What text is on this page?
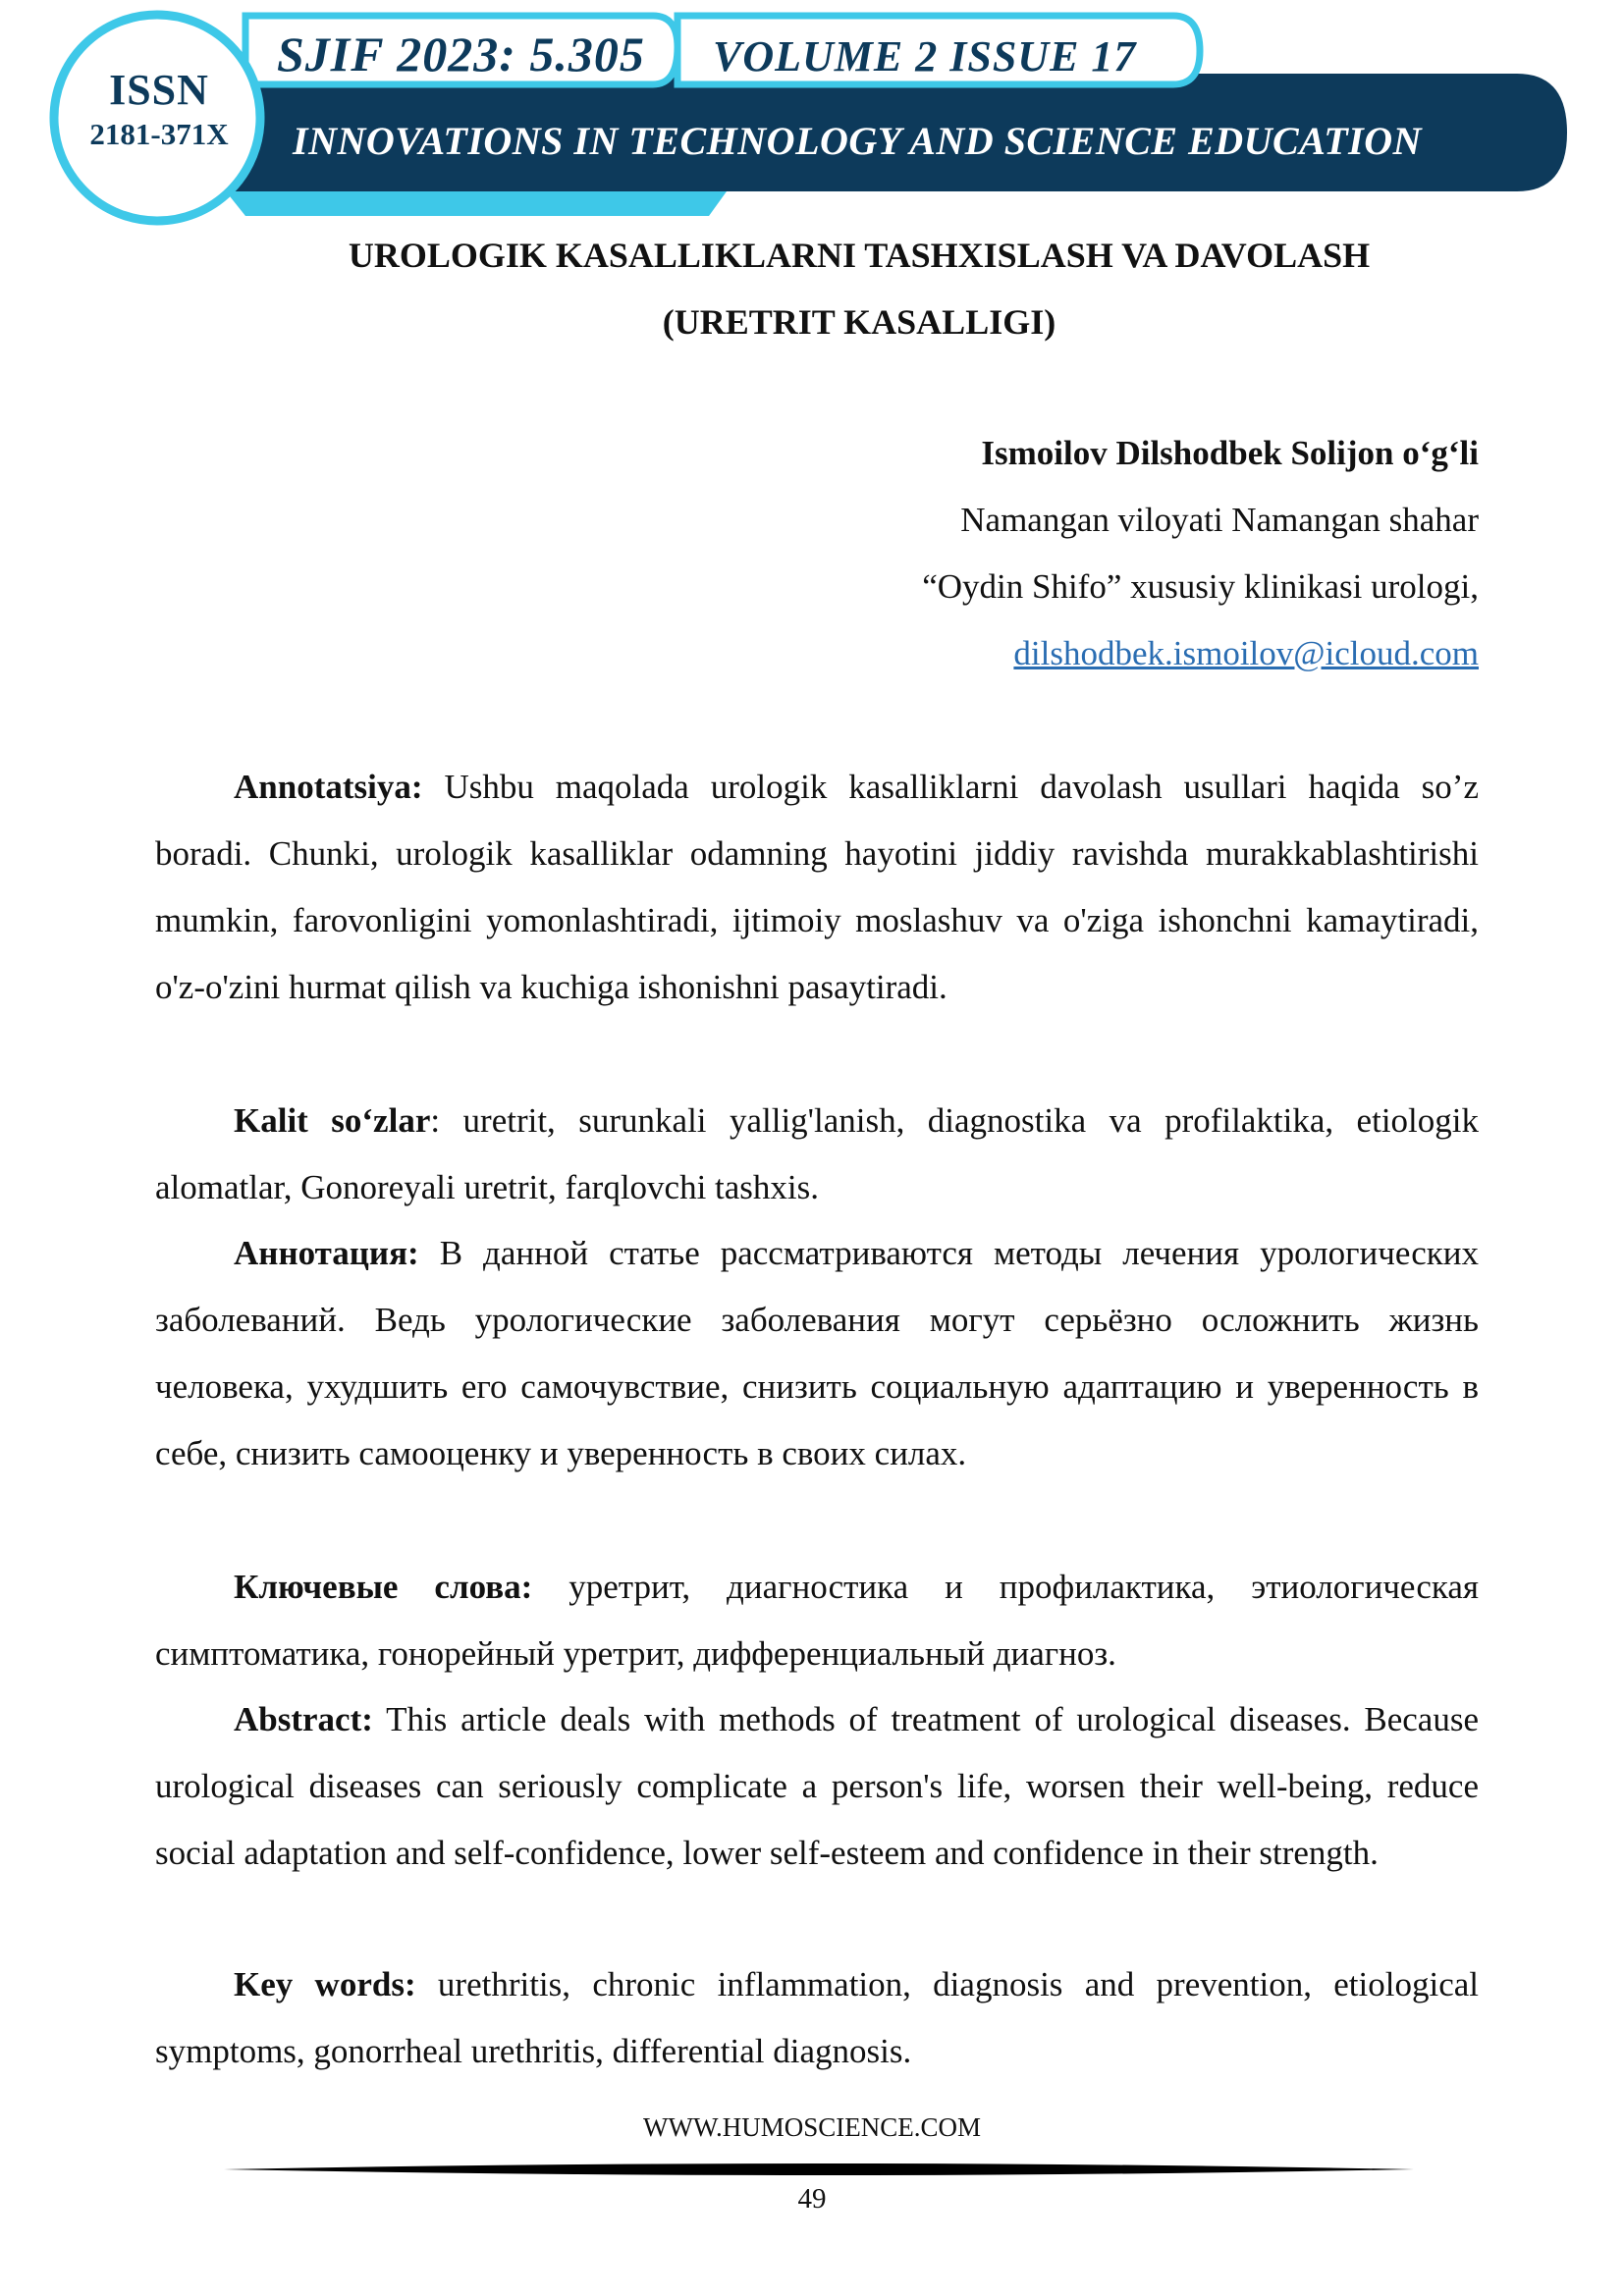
ISSN
2181-371X
SJIF 2023: 5.305 VOLUME 2 ISSUE 17
INNOVATIONS IN TECHNOLOGY AND SCIENCE EDUCATION
UROLOGIK KASALLIKLARNI TASHXISLASH VA DAVOLASH
(URETRIT KASALLIGI)
Ismoilov Dilshodbek Solijon o‘g‘li
Namangan viloyati Namangan shahar
“Oydin Shifo” xususiy klinikasi urologi,
dilshodbek.ismoilov@icloud.com

Annotatsiya: Ushbu maqolada urologik kasalliklarni davolash usullari haqida so’z boradi. Chunki, urologik kasalliklar odamning hayotini jiddiy ravishda murakkablashtirishi mumkin, farovonligini yomonlashtiradi, ijtimoiy moslashuv va o'ziga ishonchni kamaytiradi, o'z-o'zini hurmat qilish va kuchiga ishonishni pasaytiradi.

Kalit so‘zlar: uretrit, surunkali yallig'lanish, diagnostika va profilaktika, etiologik alomatlar, Gonoreyali uretrit, farqlovchi tashxis.

Аннотация: В данной статье рассматриваются методы лечения урологических заболеваний. Ведь урологические заболевания могут серьёзно осложнить жизнь человека, ухудшить его самочувствие, снизить социальную адаптацию и уверенность в себе, снизить самооценку и уверенность в своих силах.

Ключевые слова: уретрит, диагностика и профилактика, этиологическая симптоматика, гонорейный уретрит, дифференциальный диагноз.

Abstract: This article deals with methods of treatment of urological diseases. Because urological diseases can seriously complicate a person's life, worsen their well-being, reduce social adaptation and self-confidence, lower self-esteem and confidence in their strength.

Key words: urethritis, chronic inflammation, diagnosis and prevention, etiological symptoms, gonorrheal urethritis, differential diagnosis.

WWW.HUMOSCIENCE.COM
49
